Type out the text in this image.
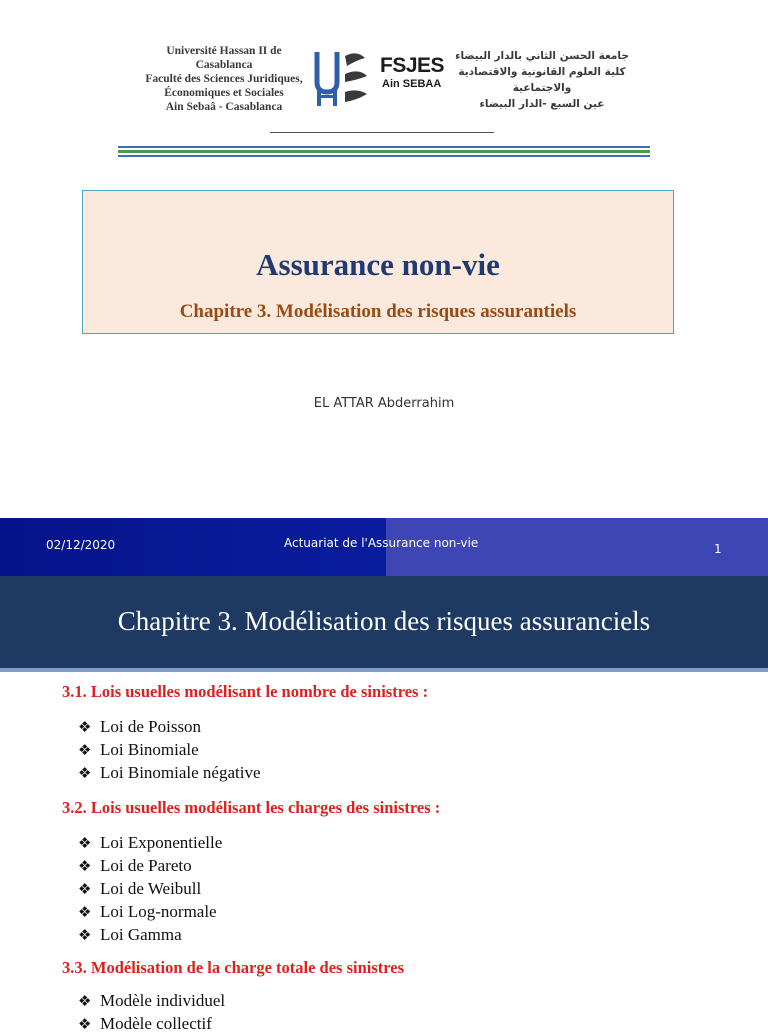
Université Hassan II de Casablanca
Faculté des Sciences Juridiques,
Économiques et Sociales
Ain Sebaâ - Casablanca
FSJES
Ain SEBAA
جامعة الحسن الثاني بالدار البيضاء
كلية العلوم القانونية والاقتصادية والاجتماعية
عين السبع -الدار البيضاء
Assurance non-vie
Chapitre 3. Modélisation des risques assurantiels
EL ATTAR Abderrahim
02/12/2020	Actuariat de l'Assurance non-vie	1
Chapitre 3. Modélisation des risques assuranciels
3.1. Lois usuelles modélisant le nombre de sinistres :
❖ Loi de Poisson
❖ Loi Binomiale
❖ Loi Binomiale négative
3.2. Lois usuelles modélisant les charges des sinistres :
❖ Loi Exponentielle
❖ Loi de Pareto
❖ Loi de Weibull
❖ Loi Log-normale
❖ Loi Gamma
3.3. Modélisation de la charge totale des sinistres
❖ Modèle individuel
❖ Modèle collectif
